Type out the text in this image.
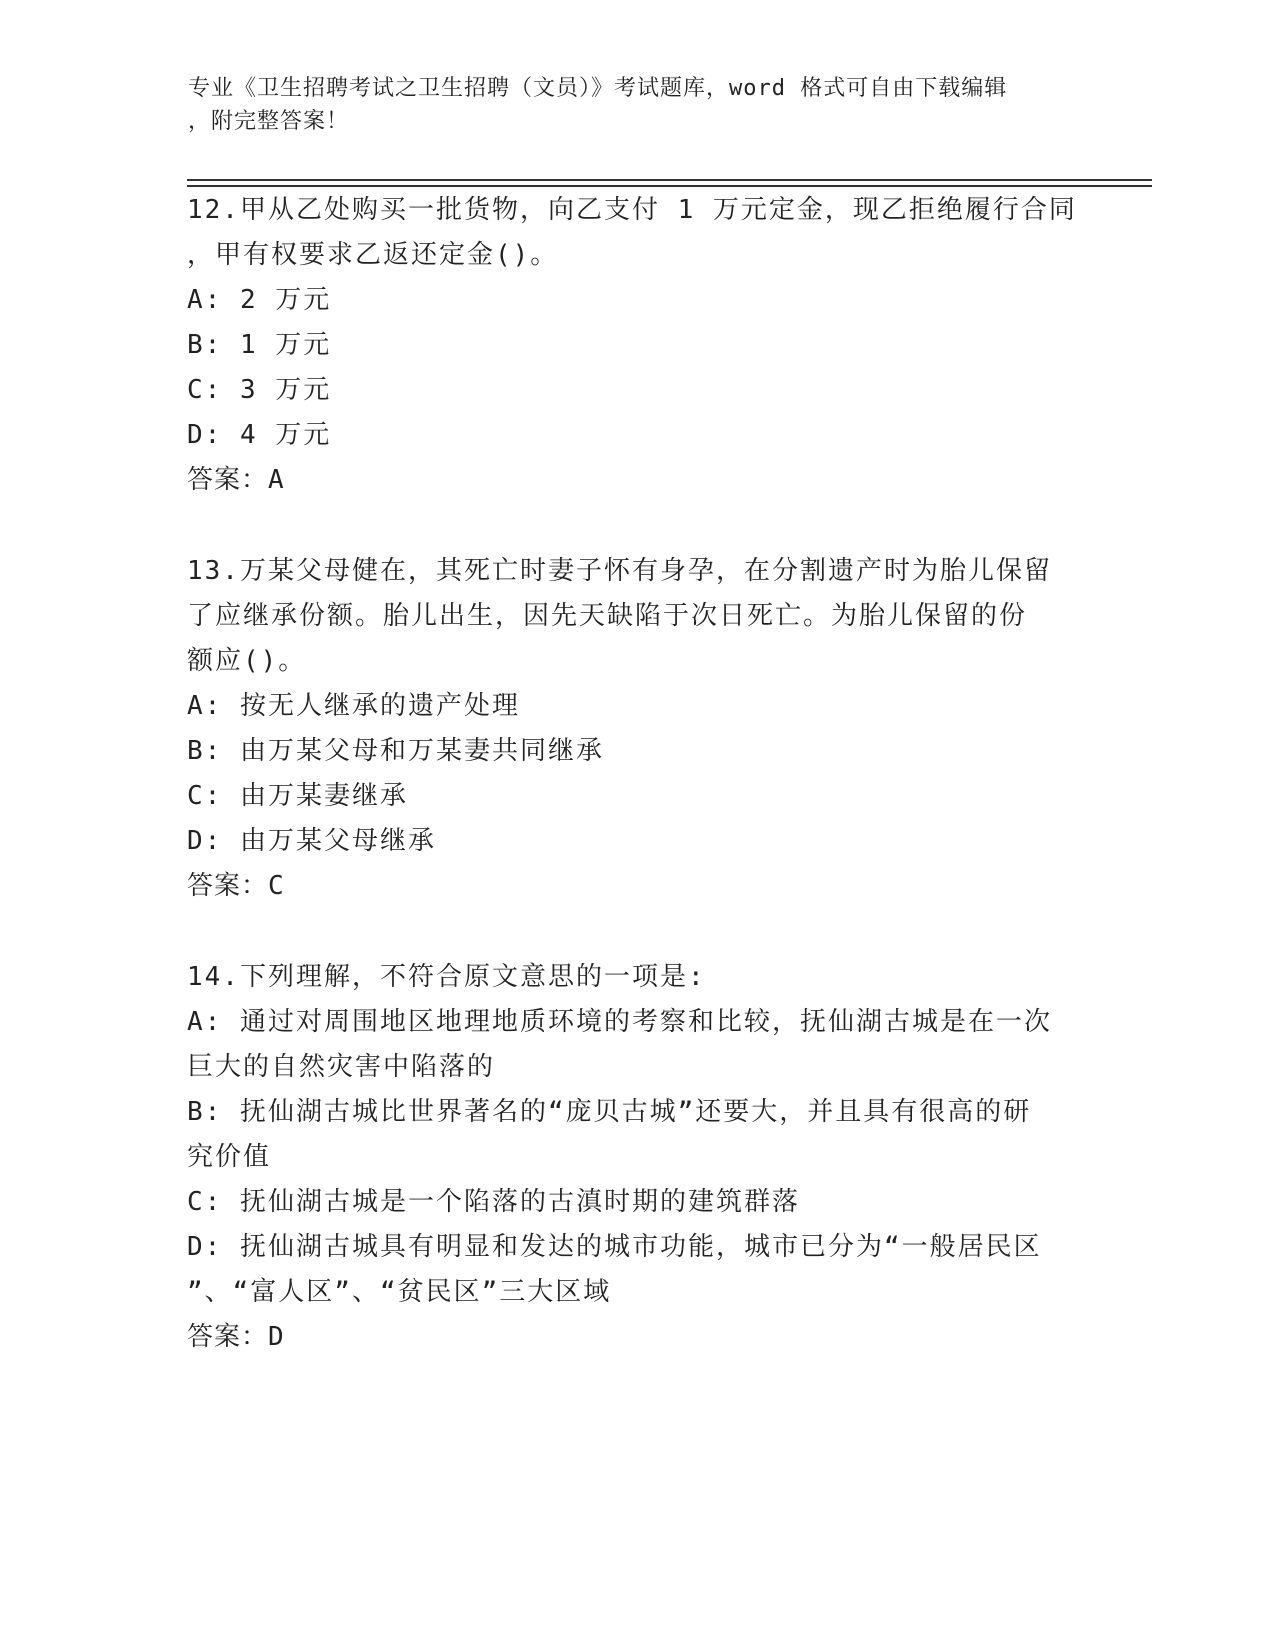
专业《卫生招聘考试之卫生招聘（文员）》考试题库，word 格式可自由下载编辑
，附完整答案！
12.甲从乙处购买一批货物，向乙支付 1 万元定金，现乙拒绝履行合同
，甲有权要求乙返还定金()。
A: 2 万元
B: 1 万元
C: 3 万元
D: 4 万元
答案：A
13.万某父母健在，其死亡时妻子怀有身孕，在分割遗产时为胎儿保留
了应继承份额。胎儿出生，因先天缺陷于次日死亡。为胎儿保留的份
额应()。
A: 按无人继承的遗产处理
B: 由万某父母和万某妻共同继承
C: 由万某妻继承
D: 由万某父母继承
答案：C
14.下列理解，不符合原文意思的一项是:
A: 通过对周围地区地理地质环境的考察和比较，抚仙湖古城是在一次
巨大的自然灾害中陷落的
B: 抚仙湖古城比世界著名的“庞贝古城”还要大，并且具有很高的研
究价值
C: 抚仙湖古城是一个陷落的古滇时期的建筑群落
D: 抚仙湖古城具有明显和发达的城市功能，城市已分为“一般居民区
”、“富人区”、“贫民区”三大区域
答案：D
